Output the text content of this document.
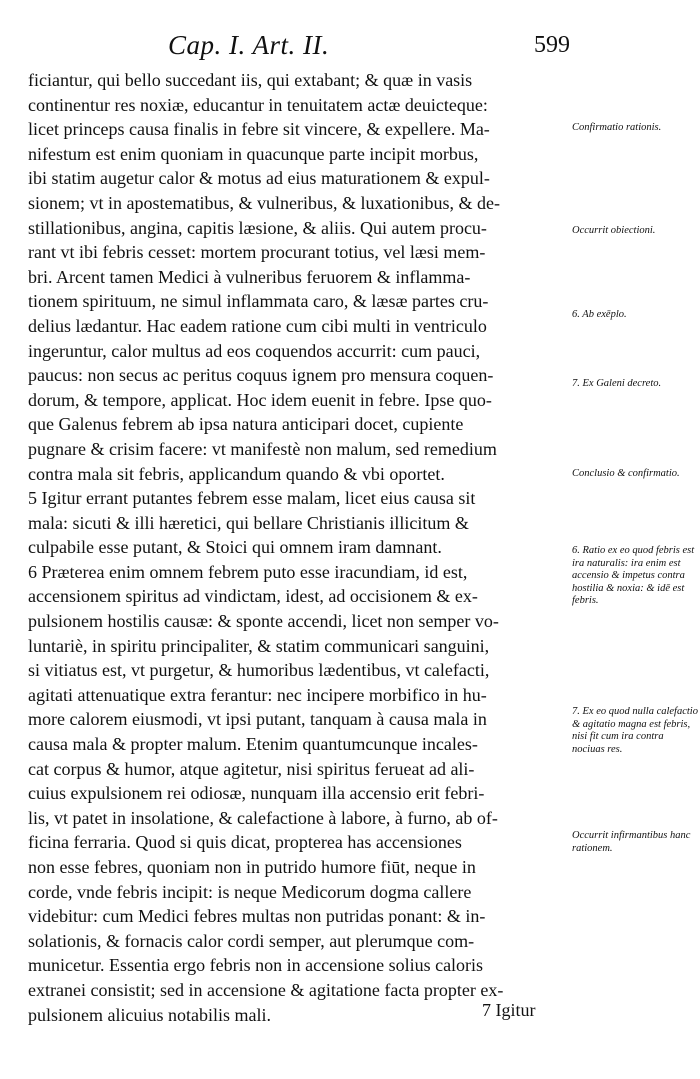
Cap. I. Art. II.	599
ficiantur, qui bello succedant iis, qui extabant; & quæ in vasis
continentur res noxiæ, educantur in tenuitatem actæ deuicteque:
licet princeps causa finalis in febre sit vincere, & expellere. Ma-
nifestum est enim quoniam in quacunque parte incipit morbus,
ibi statim augetur calor & motus ad eius maturationem & expul-
sionem; vt in apostematibus, & vulneribus, & luxationibus, & de-
stillationibus, angina, capitis læsione, & aliis. Qui autem procu-
rant vt ibi febris cesset: mortem procurant totius, vel læsi mem-
bri. Arcent tamen Medici à vulneribus feruorem & inflamma-
tionem spirituum, ne simul inflammata caro, & læsæ partes cru-
delius lædantur. Hac eadem ratione cum cibi multi in ventriculo
ingeruntur, calor multus ad eos coquendos accurrit: cum pauci,
paucus: non secus ac peritus coquus ignem pro mensura coquen-
dorum, & tempore, applicat. Hoc idem euenit in febre. Ipse quo-
que Galenus febrem ab ipsa natura anticipari docet, cupiente
pugnare & crisim facere: vt manifestè non malum, sed remedium
contra mala sit febris, applicandum quando & vbi oportet.
5 Igitur errant putantes febrem esse malam, licet eius causa sit
mala: sicuti & illi hæretici, qui bellare Christianis illicitum &
culpabile esse putant, & Stoici qui omnem iram damnant.
6 Præterea enim omnem febrem puto esse iracundiam, id est,
accensionem spiritus ad vindictam, idest, ad occisionem & ex-
pulsionem hostilis causæ: & sponte accendi, licet non semper vo-
luntariè, in spiritu principaliter, & statim communicari sanguini,
si vitiatus est, vt purgetur, & humoribus lædentibus, vt calefacti,
agitati attenuatique extra ferantur: nec incipere morbifico in hu-
more calorem eiusmodi, vt ipsi putant, tanquam à causa mala in
causa mala & propter malum. Etenim quantumcunque incales-
cat corpus & humor, atque agitetur, nisi spiritus ferueat ad ali-
cuius expulsionem rei odiosæ, nunquam illa accensio erit febri-
lis, vt patet in insolatione, & calefactione à labore, à furno, ab of-
ficina ferraria. Quod si quis dicat, propterea has accensiones
non esse febres, quoniam non in putrido humore fiūt, neque in
corde, vnde febris incipit: is neque Medicorum dogma callere
videbitur: cum Medici febres multas non putridas ponant: & in-
solationis, & fornacis calor cordi semper, aut plerumque com-
municetur. Essentia ergo febris non in accensione solius caloris
extranei consistit; sed in accensione & agitatione facta propter ex-
pulsionem alicuius notabilis mali.
Confirmatio rationis.
Occurrit obiectioni.
6. Ab exēplo.
7. Ex Galeni decreto.
Conclusio & confirmatio.
6. Ratio ex eo quod febris est ira naturalis: ira enim est accensio & impetus contra hostilia & noxia: & idē est febris.
7. Ex eo quod nulla calefactio & agitatio magna est febris, nisi fit cum ira contra nociuas res.
Occurrit infirmantibus hanc rationem.
7 Igitur
